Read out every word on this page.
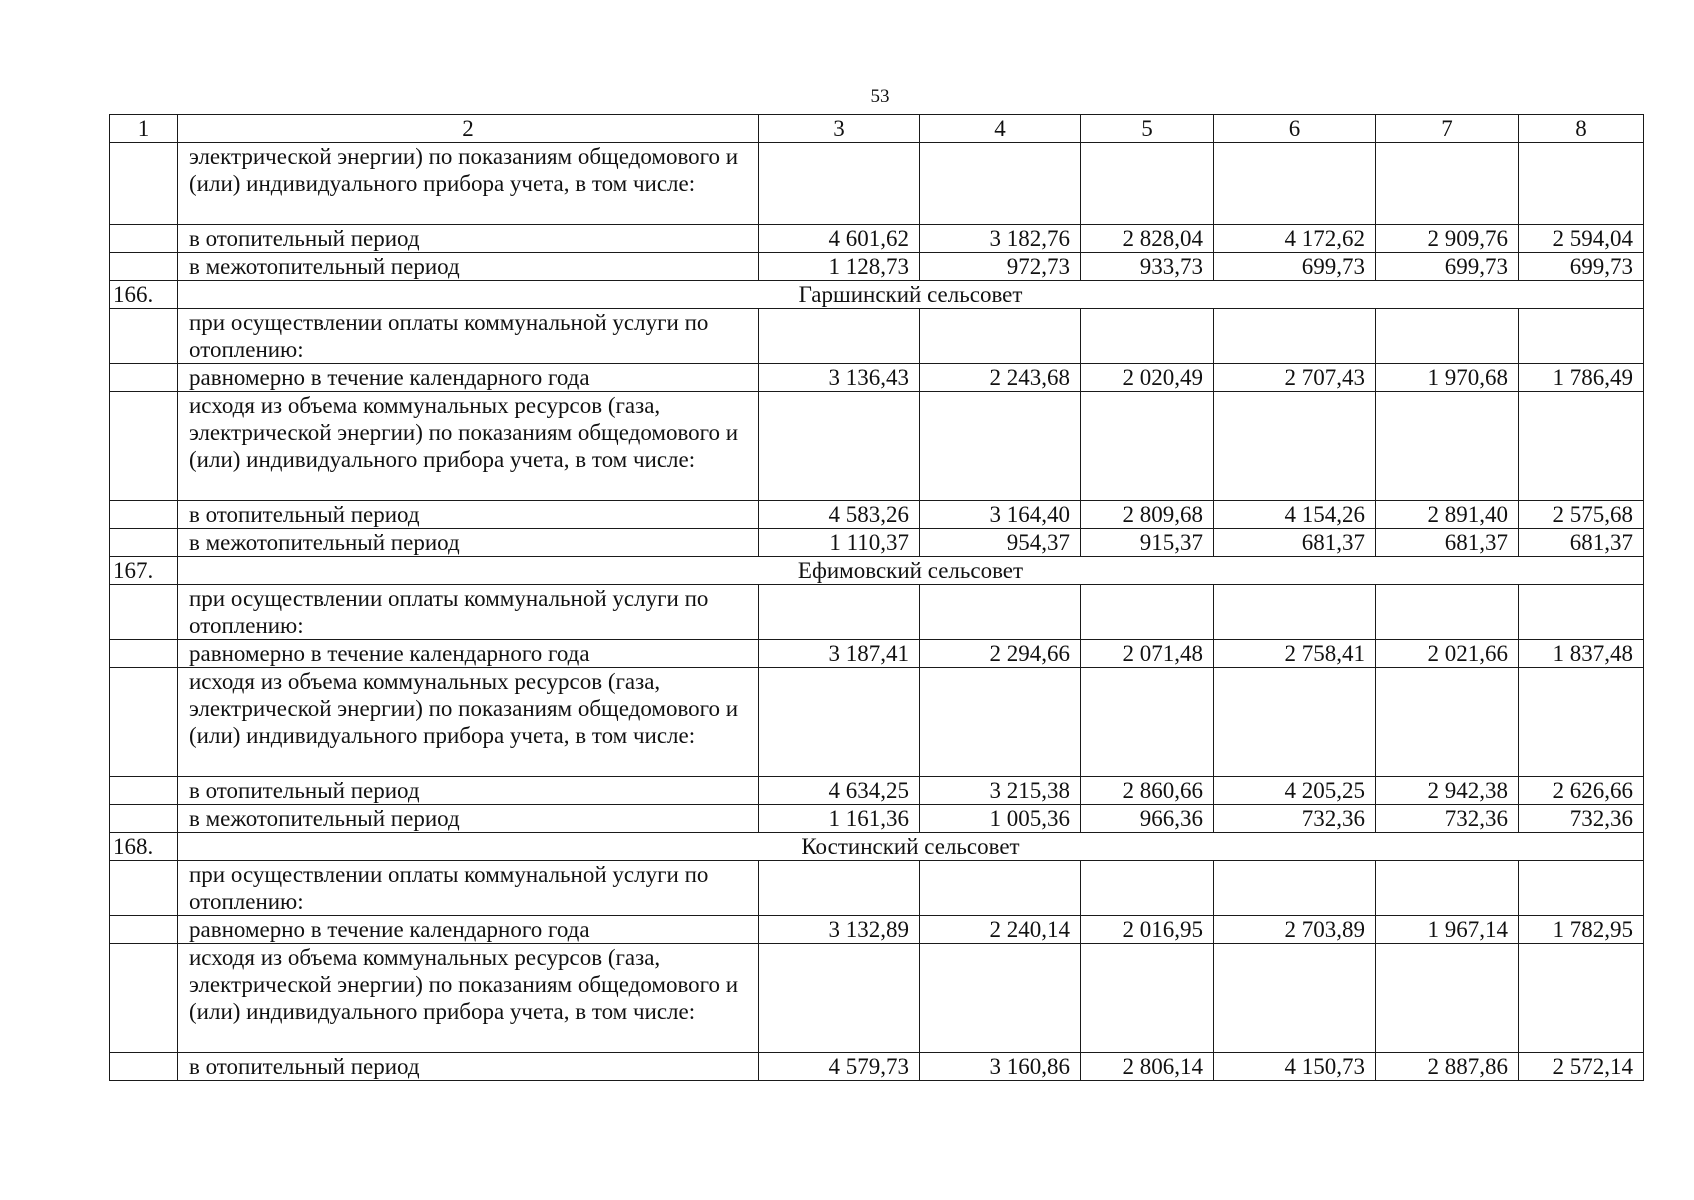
53
1	2	3	4	5	6	7	8
	электрической энергии) по показаниям общедомового и (или) индивидуального прибора учета, в том числе:						
	в отопительный период	4 601,62	3 182,76	2 828,04	4 172,62	2 909,76	2 594,04
	в межотопительный период	1 128,73	972,73	933,73	699,73	699,73	699,73
166.	Гаршинский сельсовет						
	при осуществлении оплаты коммунальной услуги по отоплению:						
	равномерно в течение календарного года	3 136,43	2 243,68	2 020,49	2 707,43	1 970,68	1 786,49
	исходя из объема коммунальных ресурсов (газа, электрической энергии) по показаниям общедомового и (или) индивидуального прибора учета, в том числе:						
	в отопительный период	4 583,26	3 164,40	2 809,68	4 154,26	2 891,40	2 575,68
	в межотопительный период	1 110,37	954,37	915,37	681,37	681,37	681,37
167.	Ефимовский сельсовет						
	при осуществлении оплаты коммунальной услуги по отоплению:						
	равномерно в течение календарного года	3 187,41	2 294,66	2 071,48	2 758,41	2 021,66	1 837,48
	исходя из объема коммунальных ресурсов (газа, электрической энергии) по показаниям общедомового и (или) индивидуального прибора учета, в том числе:						
	в отопительный период	4 634,25	3 215,38	2 860,66	4 205,25	2 942,38	2 626,66
	в межотопительный период	1 161,36	1 005,36	966,36	732,36	732,36	732,36
168.	Костинский сельсовет						
	при осуществлении оплаты коммунальной услуги по отоплению:						
	равномерно в течение календарного года	3 132,89	2 240,14	2 016,95	2 703,89	1 967,14	1 782,95
	исходя из объема коммунальных ресурсов (газа, электрической энергии) по показаниям общедомового и (или) индивидуального прибора учета, в том числе:						
	в отопительный период	4 579,73	3 160,86	2 806,14	4 150,73	2 887,86	2 572,14
